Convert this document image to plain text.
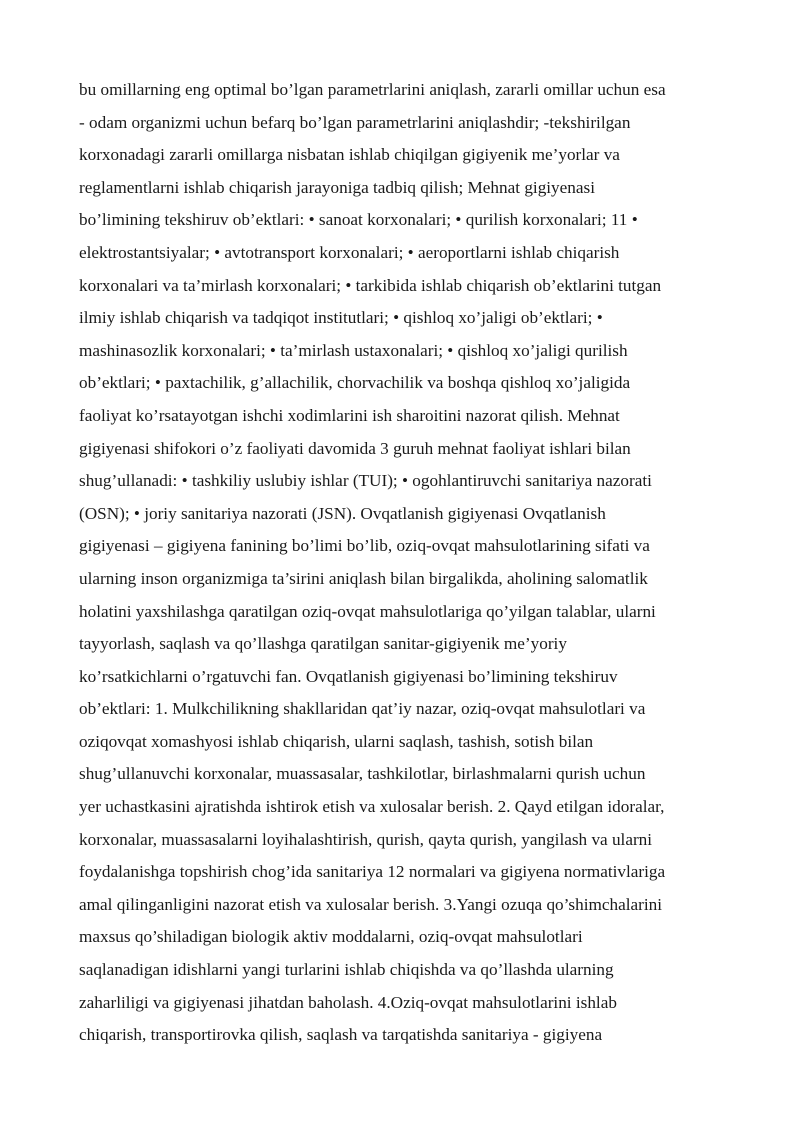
bu omillarning eng optimal bo’lgan parametrlarini aniqlash, zararli omillar uchun esa
- odam organizmi uchun befarq bo’lgan parametrlarini aniqlashdir; -tekshirilgan
korxonadagi zararli omillarga nisbatan ishlab chiqilgan gigiyenik me’yorlar va
reglamentlarni ishlab chiqarish jarayoniga tadbiq qilish; Mehnat gigiyenasi
bo’limining tekshiruv ob’ektlari: • sanoat korxonalari; • qurilish korxonalari; 11 •
elektrostantsiyalar; • avtotransport korxonalari; • aeroportlarni ishlab chiqarish
korxonalari va ta’mirlash korxonalari; • tarkibida ishlab chiqarish ob’ektlarini tutgan
ilmiy ishlab chiqarish va tadqiqot institutlari; • qishloq xo’jaligi ob’ektlari; •
mashinasozlik korxonalari; • ta’mirlash ustaxonalari; • qishloq xo’jaligi qurilish
ob’ektlari; • paxtachilik, g’allachilik, chorvachilik va boshqa qishloq xo’jaligida
faoliyat ko’rsatayotgan ishchi xodimlarini ish sharoitini nazorat qilish. Mehnat
gigiyenasi shifokori o’z faoliyati davomida 3 guruh mehnat faoliyat ishlari bilan
shug’ullanadi: • tashkiliy uslubiy ishlar (TUI); • ogohlantiruvchi sanitariya nazorati
(OSN); • joriy sanitariya nazorati (JSN). Ovqatlanish gigiyenasi Ovqatlanish
gigiyenasi – gigiyena fanining bo’limi bo’lib, oziq-ovqat mahsulotlarining sifati va
ularning inson organizmiga ta’sirini aniqlash bilan birgalikda, aholining salomatlik
holatini yaxshilashga qaratilgan oziq-ovqat mahsulotlariga qo’yilgan talablar, ularni
tayyorlash, saqlash va qo’llashga qaratilgan sanitar-gigiyenik me’yoriy
ko’rsatkichlarni o’rgatuvchi fan. Ovqatlanish gigiyenasi bo’limining tekshiruv
ob’ektlari: 1. Mulkchilikning shakllaridan qat’iy nazar, oziq-ovqat mahsulotlari va
oziqovqat xomashyosi ishlab chiqarish, ularni saqlash, tashish, sotish bilan
shug’ullanuvchi korxonalar, muassasalar, tashkilotlar, birlashmalarni qurish uchun
yer uchastkasini ajratishda ishtirok etish va xulosalar berish. 2. Qayd etilgan idoralar,
korxonalar, muassasalarni loyihalashtirish, qurish, qayta qurish, yangilash va ularni
foydalanishga topshirish chog’ida sanitariya 12 normalari va gigiyena normativlariga
amal qilinganligini nazorat etish va xulosalar berish. 3.Yangi ozuqa qo’shimchalarini
maxsus qo’shiladigan biologik aktiv moddalarni, oziq-ovqat mahsulotlari
saqlanadigan idishlarni yangi turlarini ishlab chiqishda va qo’llashda ularning
zaharliligi va gigiyenasi jihatdan baholash. 4.Oziq-ovqat mahsulotlarini ishlab
chiqarish, transportirovka qilish, saqlash va tarqatishda sanitariya - gigiyena
